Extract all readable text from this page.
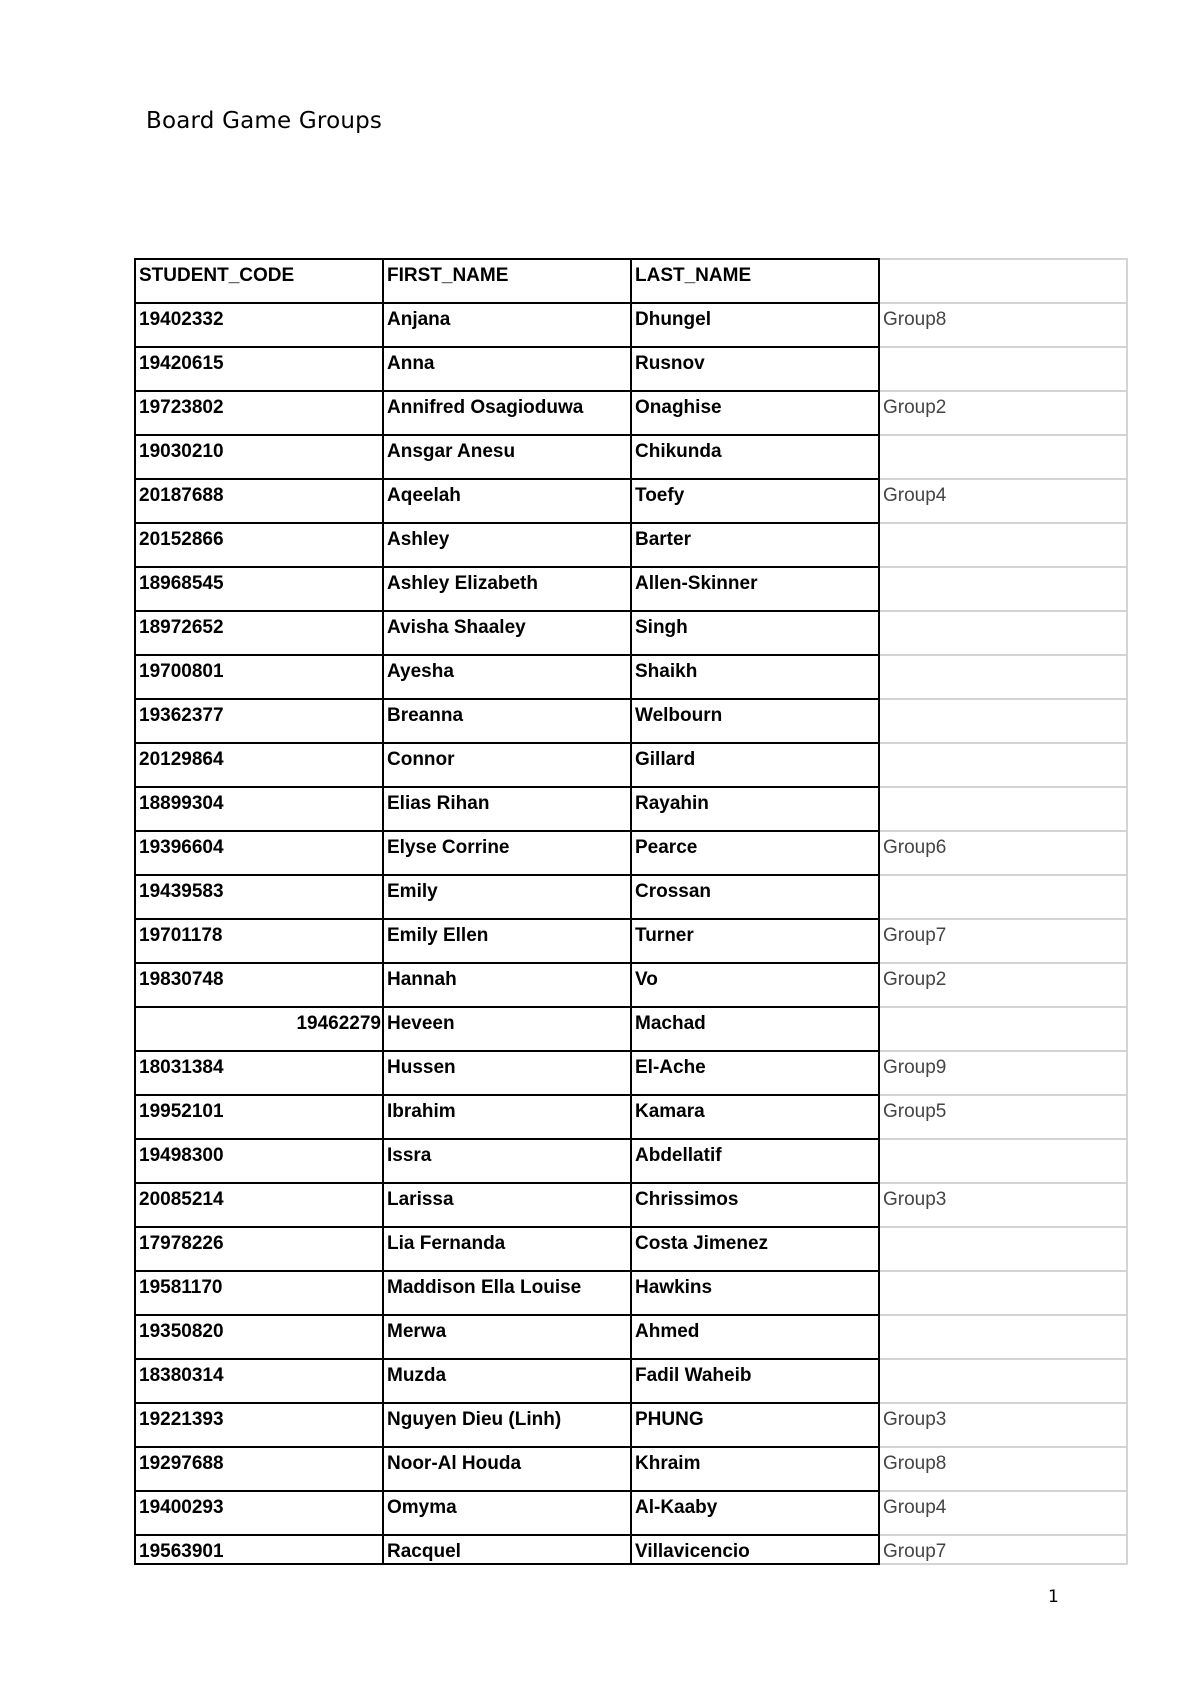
Board Game Groups
STUDENT_CODE	FIRST_NAME	LAST_NAME	
19402332	Anjana	Dhungel	Group8
19420615	Anna	Rusnov	
19723802	Annifred Osagioduwa	Onaghise	Group2
19030210	Ansgar Anesu	Chikunda	
20187688	Aqeelah	Toefy	Group4
20152866	Ashley	Barter	
18968545	Ashley Elizabeth	Allen-Skinner	
18972652	Avisha Shaaley	Singh	
19700801	Ayesha	Shaikh	
19362377	Breanna	Welbourn	
20129864	Connor	Gillard	
18899304	Elias Rihan	Rayahin	
19396604	Elyse Corrine	Pearce	Group6
19439583	Emily	Crossan	
19701178	Emily Ellen	Turner	Group7
19830748	Hannah	Vo	Group2
19462279	Heveen	Machad	
18031384	Hussen	El-Ache	Group9
19952101	Ibrahim	Kamara	Group5
19498300	Issra	Abdellatif	
20085214	Larissa	Chrissimos	Group3
17978226	Lia Fernanda	Costa Jimenez	
19581170	Maddison Ella Louise	Hawkins	
19350820	Merwa	Ahmed	
18380314	Muzda	Fadil Waheib	
19221393	Nguyen Dieu (Linh)	PHUNG	Group3
19297688	Noor-Al Houda	Khraim	Group8
19400293	Omyma	Al-Kaaby	Group4
19563901	Racquel	Villavicencio	Group7
1
